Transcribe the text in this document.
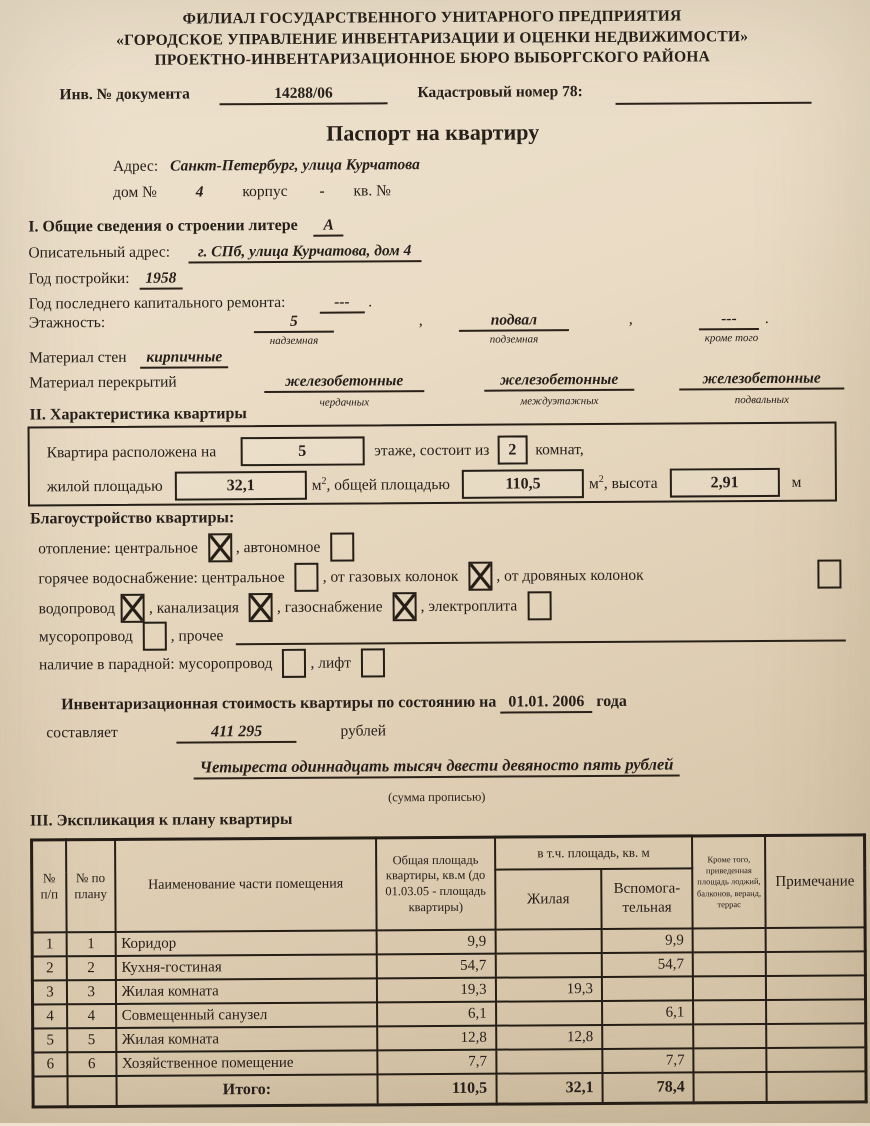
ФИЛИАЛ ГОСУДАРСТВЕННОГО УНИТАРНОГО ПРЕДПРИЯТИЯ
«ГОРОДСКОЕ УПРАВЛЕНИЕ ИНВЕНТАРИЗАЦИИ И ОЦЕНКИ НЕДВИЖИМОСТИ»
ПРОЕКТНО-ИНВЕНТАРИЗАЦИОННОЕ БЮРО ВЫБОРГСКОГО РАЙОНА
Инв. № документа	14288/06	Кадастровый номер 78:
Паспорт на квартиру
Адрес: Санкт-Петербург, улица Курчатова
дом №	4	корпус - кв. №
I. Общие сведения о строении литере А
Описательный адрес: г. СПб, улица Курчатова, дом 4
Год постройки: 1958
Год последнего капитального ремонта:	--- .
Этажность:	5	,	подвал	,	---	.
надземная	подземная	кроме того
Материал стен кирпичные
Материал перекрытий	железобетонные	железобетонные	железобетонные
чердачных	междуэтажных	подвальных
II. Характеристика квартиры
Квартира расположена на	5	этаже, состоит из	2	комнат,
жилой площадью	32,1	$м^2$, общей площадью	110,5	$м^2$, высота	2,91	м
Благоустройство квартиры:
отопление: центральное , автономное
горячее водоснабжение: центральное , от газовых колонок , от дровяных колонок
водопровод , канализация , газоснабжение , электроплита
мусоропровод , прочее
наличие в парадной: мусоропровод , лифт
Инвентаризационная стоимость квартиры по состоянию на 01.01. 2006 года
составляет	411 295	рублей
Четыреста одиннадцать тысяч двести девяносто пять рублей
(сумма прописью)
III. Экспликация к плану квартиры
№ п/п	№ по плану	Наименование части помещения	Общая площадь квартиры, кв.м (до 01.03.05 - площадь квартиры)	в т.ч. площадь, кв. м		Кроме того, приведенная площадь лоджий, балконов, веранд, террас	Примечание
				Жилая	Вспомога- тельная		
1	1	Коридор	9,9		9,9		
2	2	Кухня-гостиная	54,7		54,7		
3	3	Жилая комната	19,3	19,3			
4	4	Совмещенный санузел	6,1		6,1		
5	5	Жилая комната	12,8	12,8			
6	6	Хозяйственное помещение	7,7		7,7		
		Итого:	110,5	32,1	78,4		
